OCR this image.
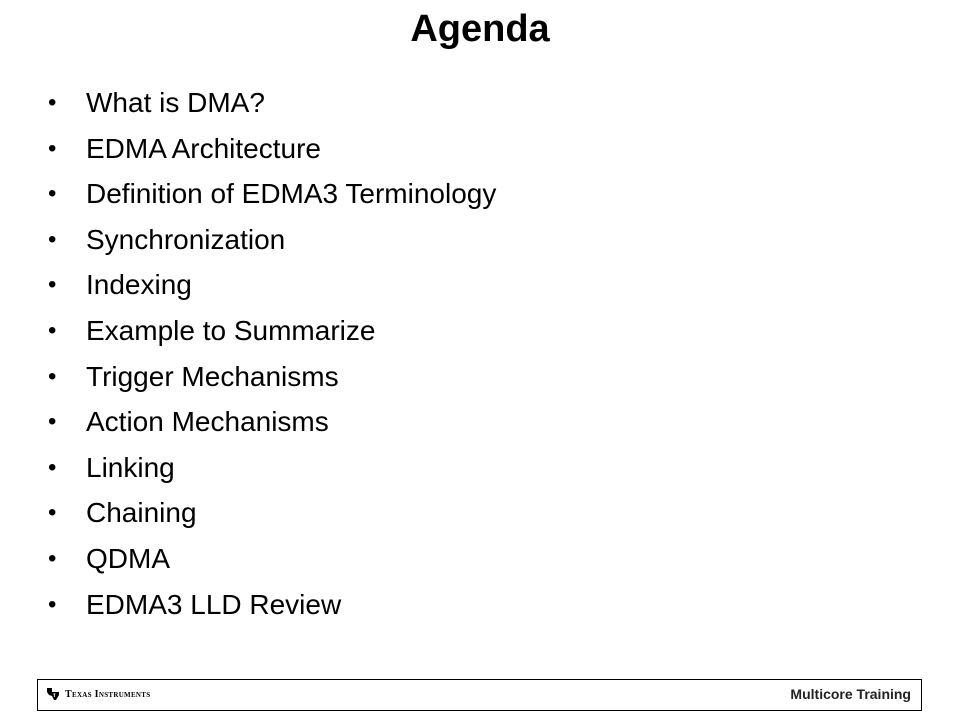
Agenda
• What is DMA?
• EDMA Architecture
• Definition of EDMA3 Terminology
• Synchronization
• Indexing
• Example to Summarize
• Trigger Mechanisms
• Action Mechanisms
• Linking
• Chaining
• QDMA
• EDMA3 LLD Review
Texas Instruments	Multicore Training
